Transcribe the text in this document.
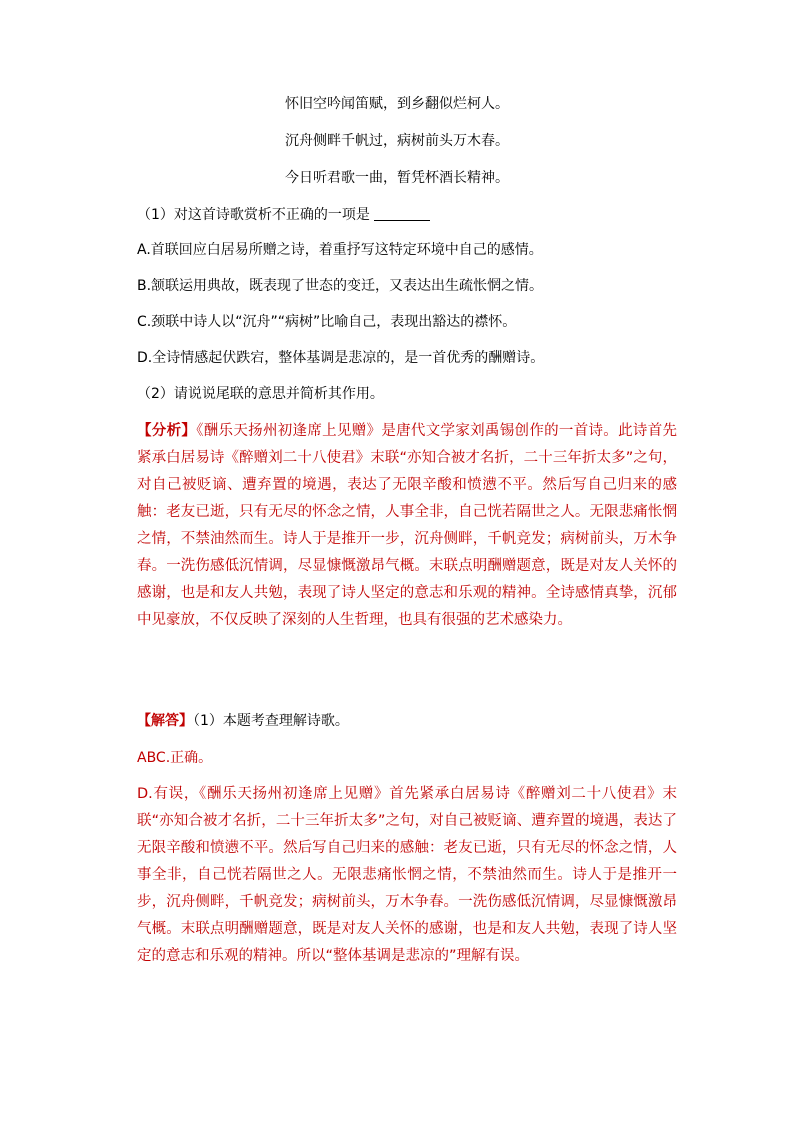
怀旧空吟闻笛赋，到乡翻似烂柯人。
沉舟侧畔千帆过，病树前头万木春。
今日听君歌一曲，暂凭杯酒长精神。
（1）对这首诗歌赏析不正确的一项是
A.首联回应白居易所赠之诗，着重抒写这特定环境中自己的感情。
B.颔联运用典故，既表现了世态的变迁，又表达出生疏怅惘之情。
C.颈联中诗人以“沉舟”“病树”比喻自己，表现出豁达的襟怀。
D.全诗情感起伏跌宕，整体基调是悲凉的，是一首优秀的酬赠诗。
（2）请说说尾联的意思并简析其作用。
【分析】《酬乐天扬州初逢席上见赠》是唐代文学家刘禹锡创作的一首诗。此诗首先紧承白居易诗《醉赠刘二十八使君》末联“亦知合被才名折，二十三年折太多”之句，对自己被贬谪、遭弃置的境遇，表达了无限辛酸和愤懑不平。然后写自己归来的感触：老友已逝，只有无尽的怀念之情，人事全非，自己恍若隔世之人。无限悲痛怅惘之情，不禁油然而生。诗人于是推开一步，沉舟侧畔，千帆竞发；病树前头，万木争春。一洗伤感低沉情调，尽显慷慨激昂气概。末联点明酬赠题意，既是对友人关怀的感谢，也是和友人共勉，表现了诗人坚定的意志和乐观的精神。全诗感情真挚，沉郁中见豪放，不仅反映了深刻的人生哲理，也具有很强的艺术感染力。
【解答】（1）本题考查理解诗歌。
ABC.正确。
D.有误，《酬乐天扬州初逢席上见赠》首先紧承白居易诗《醉赠刘二十八使君》末联“亦知合被才名折，二十三年折太多”之句，对自己被贬谪、遭弃置的境遇，表达了无限辛酸和愤懑不平。然后写自己归来的感触：老友已逝，只有无尽的怀念之情，人事全非，自己恍若隔世之人。无限悲痛怅惘之情，不禁油然而生。诗人于是推开一步，沉舟侧畔，千帆竞发；病树前头，万木争春。一洗伤感低沉情调，尽显慷慨激昂气概。末联点明酬赠题意，既是对友人关怀的感谢，也是和友人共勉，表现了诗人坚定的意志和乐观的精神。所以“整体基调是悲凉的”理解有误。
